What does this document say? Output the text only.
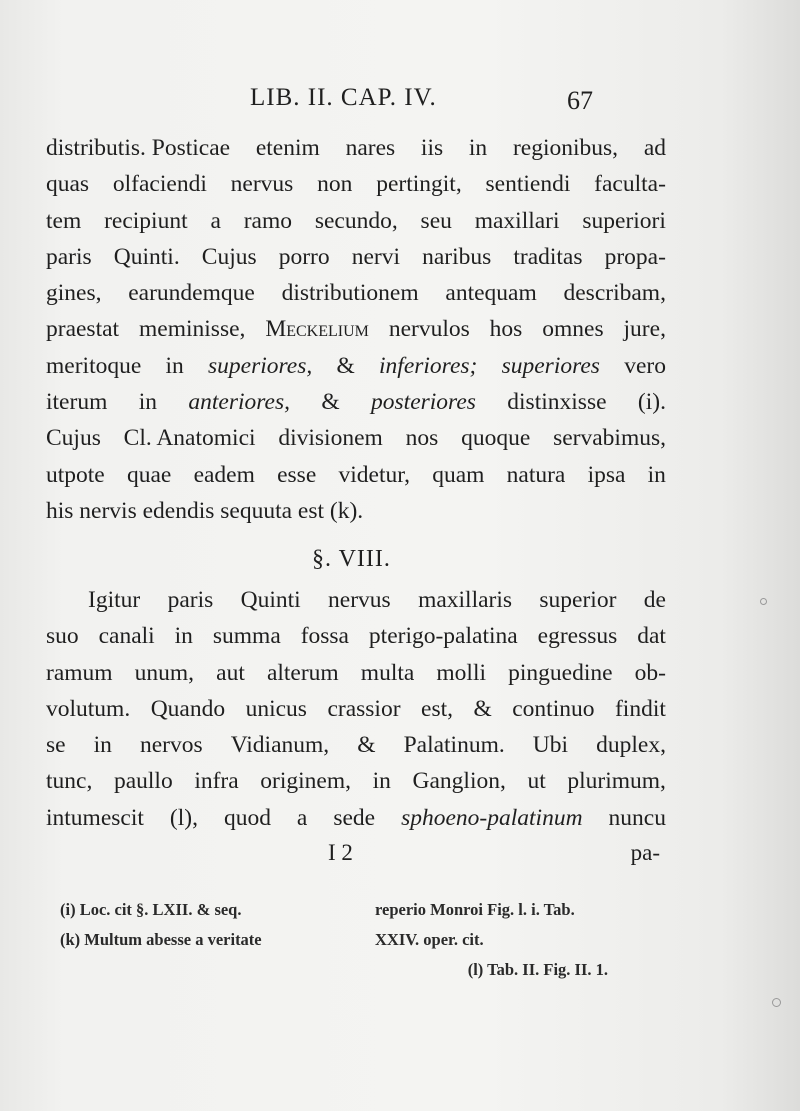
LIB. II. CAP. IV.	67
distributis. Posticae etenim nares iis in regionibus, ad
quas olfaciendi nervus non pertingit, sentiendi faculta-
tem recipiunt a ramo secundo, seu maxillari superiori
paris Quinti. Cujus porro nervi naribus traditas propa-
gines, earundemque distributionem antequam describam,
praestat meminisse, Meckelium nervulos hos omnes jure,
meritoque in superiores, & inferiores; superiores vero
iterum in anteriores, & posteriores distinxisse (i).
Cujus Cl. Anatomici divisionem nos quoque servabimus,
utpote quae eadem esse videtur, quam natura ipsa in
his nervis edendis sequuta est (k).
§. VIII.
Igitur paris Quinti nervus maxillaris superior de
suo canali in summa fossa pterigo-palatina egressus dat
ramum unum, aut alterum multa molli pinguedine ob-
volutum. Quando unicus crassior est, & continuo findit
se in nervos Vidianum, & Palatinum. Ubi duplex,
tunc, paullo infra originem, in Ganglion, ut plurimum,
intumescit (l), quod a sede sphoeno-palatinum nuncu
I 2	pa-
(i) Loc. cit §. LXII. & seq.	reperio Monroi Fig. l. i. Tab.
(k) Multum abesse a veritate	XXIV. oper. cit.
(l) Tab. II. Fig. II. 1.
